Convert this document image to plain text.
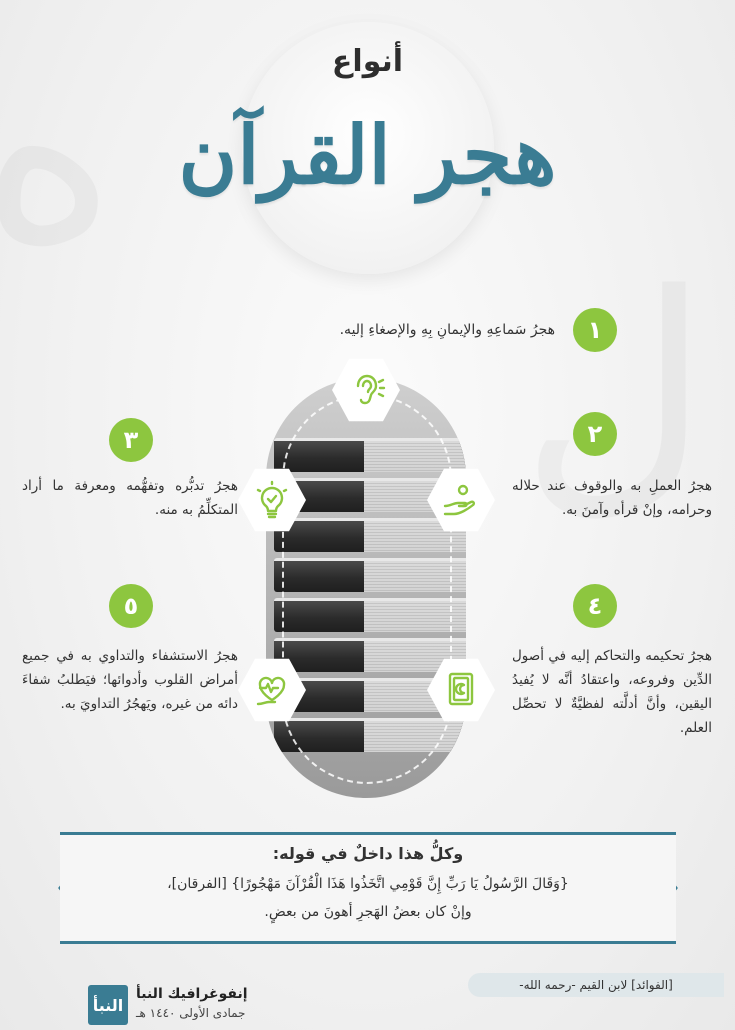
أنواع
هجر القرآن
١
هجرُ سَماعِهِ والإيمانِ بِهِ والإصغاءِ إليه.
٢
هجرُ العملِ به والوقوف عند حلاله وحرامه، وإنْ قرأه وآمنَ به.
٣
هجرُ تدبُّره وتفهُّمه ومعرفة ما أراد المتكلِّمُ به منه.
٤
هجرُ تحكيمه والتحاكم إليه في أصول الدِّين وفروعه، واعتقادُ أنَّه لا يُفيدُ اليقين، وأنَّ أدلَّته لفظيَّةٌ لا تحصِّل العلم.
٥
هجرُ الاستشفاء والتداوي به في جميع أمراض القلوب وأدوائها؛ فيَطلبُ شفاءَ دائه من غيره، ويَهجُرُ التداويَ به.
وكلُّ هذا داخلٌ في قوله:
{وَقَالَ الرَّسُولُ يَا رَبِّ إِنَّ قَوْمِي اتَّخَذُوا هَذَا الْقُرْآنَ مَهْجُورًا} [الفرقان]،
وإنْ كان بعضُ الهَجرِ أهونَ من بعضٍ.
[الفوائد] لابن القيم -رحمه الله-
النبأ
إنفوغرافيك النبأ
جمادى الأولى ١٤٤٠ هـ
